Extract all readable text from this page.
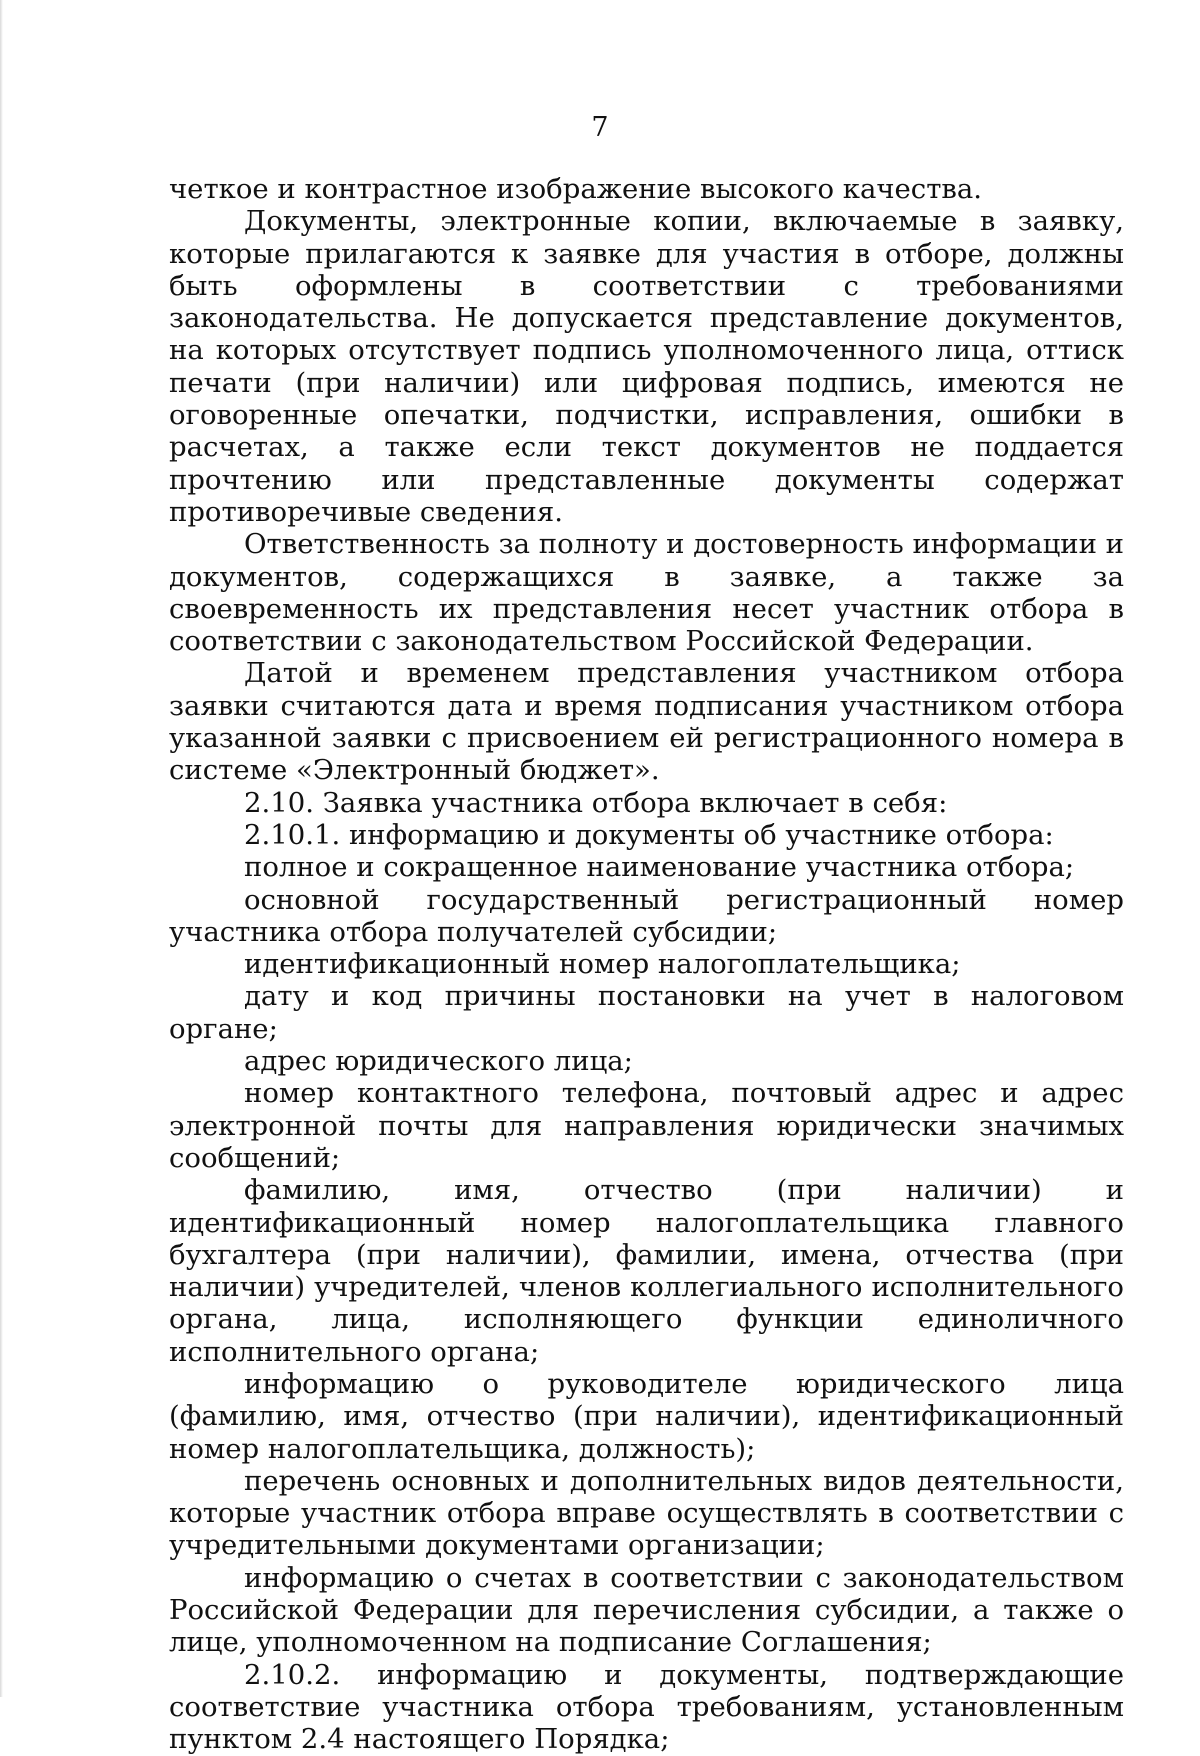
7

четкое и контрастное изображение высокого качества.

Документы, электронные копии, включаемые в заявку, которые прилагаются к заявке для участия в отборе, должны быть оформлены в соответствии с требованиями законодательства. Не допускается представление документов, на которых отсутствует подпись уполномоченного лица, оттиск печати (при наличии) или цифровая подпись, имеются не оговоренные опечатки, подчистки, исправления, ошибки в расчетах, а также если текст документов не поддается прочтению или представленные документы содержат противоречивые сведения.

Ответственность за полноту и достоверность информации и документов, содержащихся в заявке, а также за своевременность их представления несет участник отбора в соответствии с законодательством Российской Федерации.

Датой и временем представления участником отбора заявки считаются дата и время подписания участником отбора указанной заявки с присвоением ей регистрационного номера в системе «Электронный бюджет».

2.10. Заявка участника отбора включает в себя:

2.10.1. информацию и документы об участнике отбора:

полное и сокращенное наименование участника отбора;

основной государственный регистрационный номер участника отбора получателей субсидии;

идентификационный номер налогоплательщика;

дату и код причины постановки на учет в налоговом органе;

адрес юридического лица;

номер контактного телефона, почтовый адрес и адрес электронной почты для направления юридически значимых сообщений;

фамилию, имя, отчество (при наличии) и идентификационный номер налогоплательщика главного бухгалтера (при наличии), фамилии, имена, отчества (при наличии) учредителей, членов коллегиального исполнительного органа, лица, исполняющего функции единоличного исполнительного органа;

информацию о руководителе юридического лица (фамилию, имя, отчество (при наличии), идентификационный номер налогоплательщика, должность);

перечень основных и дополнительных видов деятельности, которые участник отбора вправе осуществлять в соответствии с учредительными документами организации;

информацию о счетах в соответствии с законодательством Российской Федерации для перечисления субсидии, а также о лице, уполномоченном на подписание Соглашения;

2.10.2. информацию и документы, подтверждающие соответствие участника отбора требованиям, установленным пунктом 2.4 настоящего Порядка;
